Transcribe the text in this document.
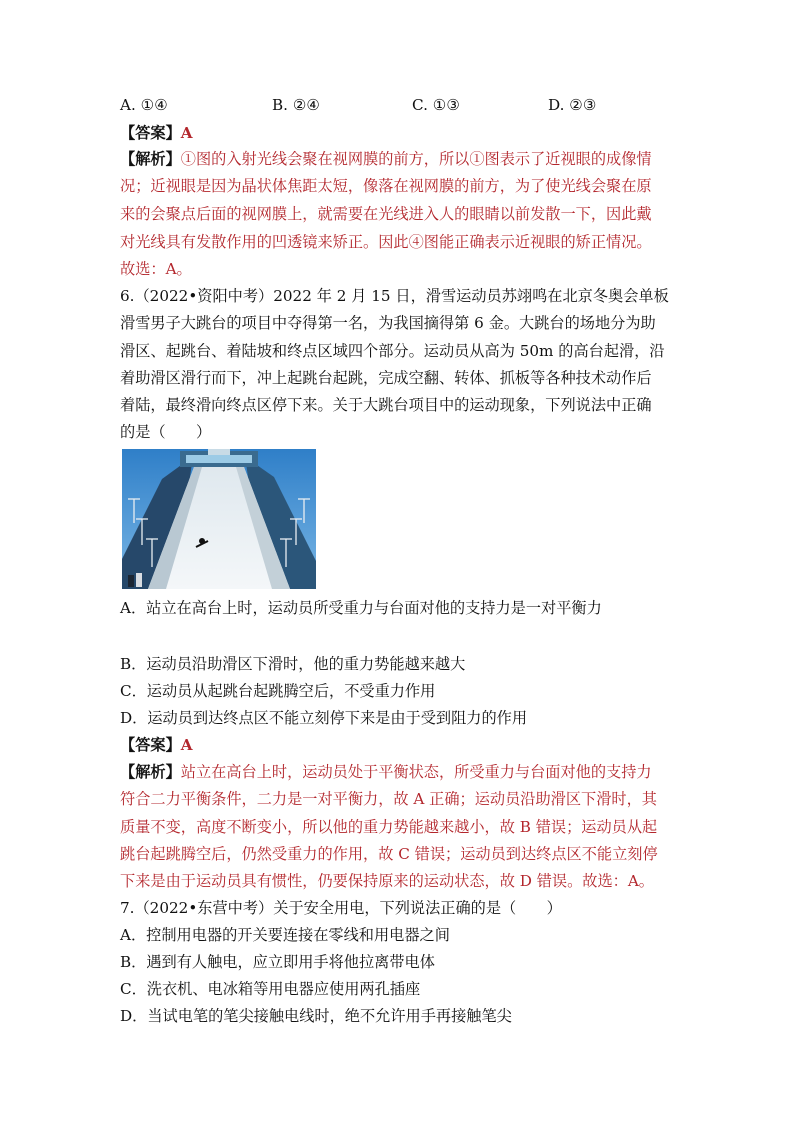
A. ①④	B. ②④	C. ①③	D. ②③
【答案】A
【解析】①图的入射光线会聚在视网膜的前方，所以①图表示了近视眼的成像情
况；近视眼是因为晶状体焦距太短，像落在视网膜的前方，为了使光线会聚在原
来的会聚点后面的视网膜上，就需要在光线进入人的眼睛以前发散一下，因此戴
对光线具有发散作用的凹透镜来矫正。因此④图能正确表示近视眼的矫正情况。
故选：A。
6.（2022•资阳中考）2022 年 2 月 15 日，滑雪运动员苏翊鸣在北京冬奥会单板
滑雪男子大跳台的项目中夺得第一名，为我国摘得第 6 金。大跳台的场地分为助
滑区、起跳台、着陆坡和终点区域四个部分。运动员从高为 50m 的高台起滑，沿
着助滑区滑行而下，冲上起跳台起跳，完成空翻、转体、抓板等各种技术动作后
着陆，最终滑向终点区停下来。关于大跳台项目中的运动现象，下列说法中正确
的是（　　）
A．站立在高台上时，运动员所受重力与台面对他的支持力是一对平衡力
B．运动员沿助滑区下滑时，他的重力势能越来越大
C．运动员从起跳台起跳腾空后，不受重力作用
D．运动员到达终点区不能立刻停下来是由于受到阻力的作用
【答案】A
【解析】站立在高台上时，运动员处于平衡状态，所受重力与台面对他的支持力
符合二力平衡条件，二力是一对平衡力，故 A 正确；运动员沿助滑区下滑时，其
质量不变，高度不断变小，所以他的重力势能越来越小，故 B 错误；运动员从起
跳台起跳腾空后，仍然受重力的作用，故 C 错误；运动员到达终点区不能立刻停
下来是由于运动员具有惯性，仍要保持原来的运动状态，故 D 错误。故选：A。
7.（2022•东营中考）关于安全用电，下列说法正确的是（　　）
A．控制用电器的开关要连接在零线和用电器之间
B．遇到有人触电，应立即用手将他拉离带电体
C．洗衣机、电冰箱等用电器应使用两孔插座
D．当试电笔的笔尖接触电线时，绝不允许用手再接触笔尖
